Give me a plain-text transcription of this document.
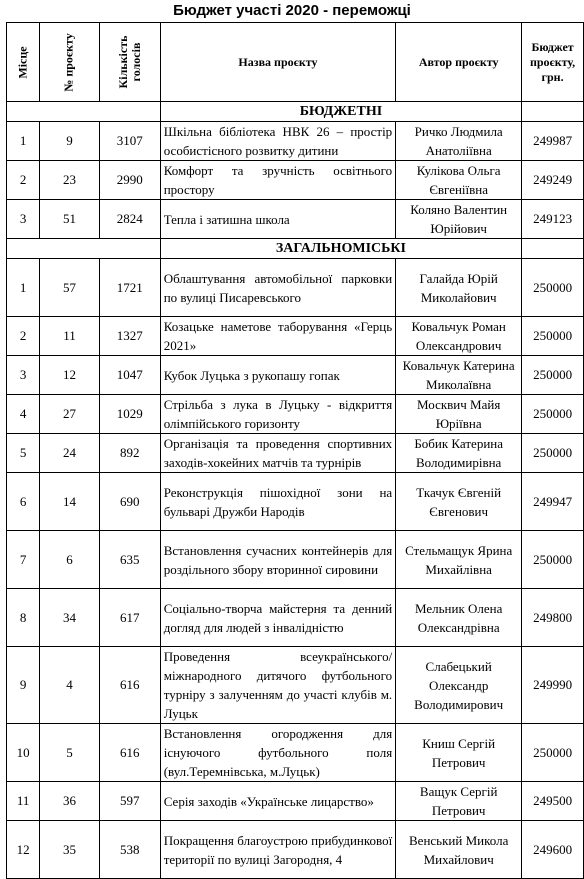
Бюджет участі 2020 - переможці
Місце	№ проєкту	Кількість голосів	Назва проєкту	Автор проєкту	Бюджет проєкту, грн.
			БЮДЖЕТНІ		
1	9	3107	Шкільна бібліотека НВК 26 – простір особистісного розвитку дитини	Ричко Людмила Анатоліївна	249987
2	23	2990	Комфорт та зручність освітнього простору	Кулікова Ольга Євгеніївна	249249
3	51	2824	Тепла і затишна школа	Коляно Валентин Юрійович	249123
			ЗАГАЛЬНОМІСЬКІ		
1	57	1721	Облаштування автомобільної парковки по вулиці Писаревського	Галайда Юрій Миколайович	250000
2	11	1327	Козацьке наметове таборування «Герць 2021»	Ковальчук Роман Олександрович	250000
3	12	1047	Кубок Луцька з рукопашу гопак	Ковальчук Катерина Миколаївна	250000
4	27	1029	Стрільба з лука в Луцьку - відкриття олімпійського горизонту	Москвич Майя Юріївна	250000
5	24	892	Організація та проведення спортивних заходів-хокейних матчів та турнірів	Бобик Катерина Володимирівна	250000
6	14	690	Реконструкція пішохідної зони на бульварі Дружби Народів	Ткачук Євгеній Євгенович	249947
7	6	635	Встановлення сучасних контейнерів для роздільного збору вторинної сировини	Стельмащук Ярина Михайлівна	250000
8	34	617	Соціально-творча майстерня та денний догляд для людей з інвалідністю	Мельник Олена Олександрівна	249800
9	4	616	Проведення всеукраїнського/міжнародного дитячого футбольного турніру з залученням до участі клубів м. Луцьк	Слабецький Олександр Володимирович	249990
10	5	616	Встановлення огородження для існуючого футбольного поля (вул.Теремнівська, м.Луцьк)	Книш Сергій Петрович	250000
11	36	597	Серія заходів «Українське лицарство»	Ващук Сергій Петрович	249500
12	35	538	Покращення благоустрою прибудинкової території по вулиці Загородня, 4	Венський Микола Михайлович	249600
